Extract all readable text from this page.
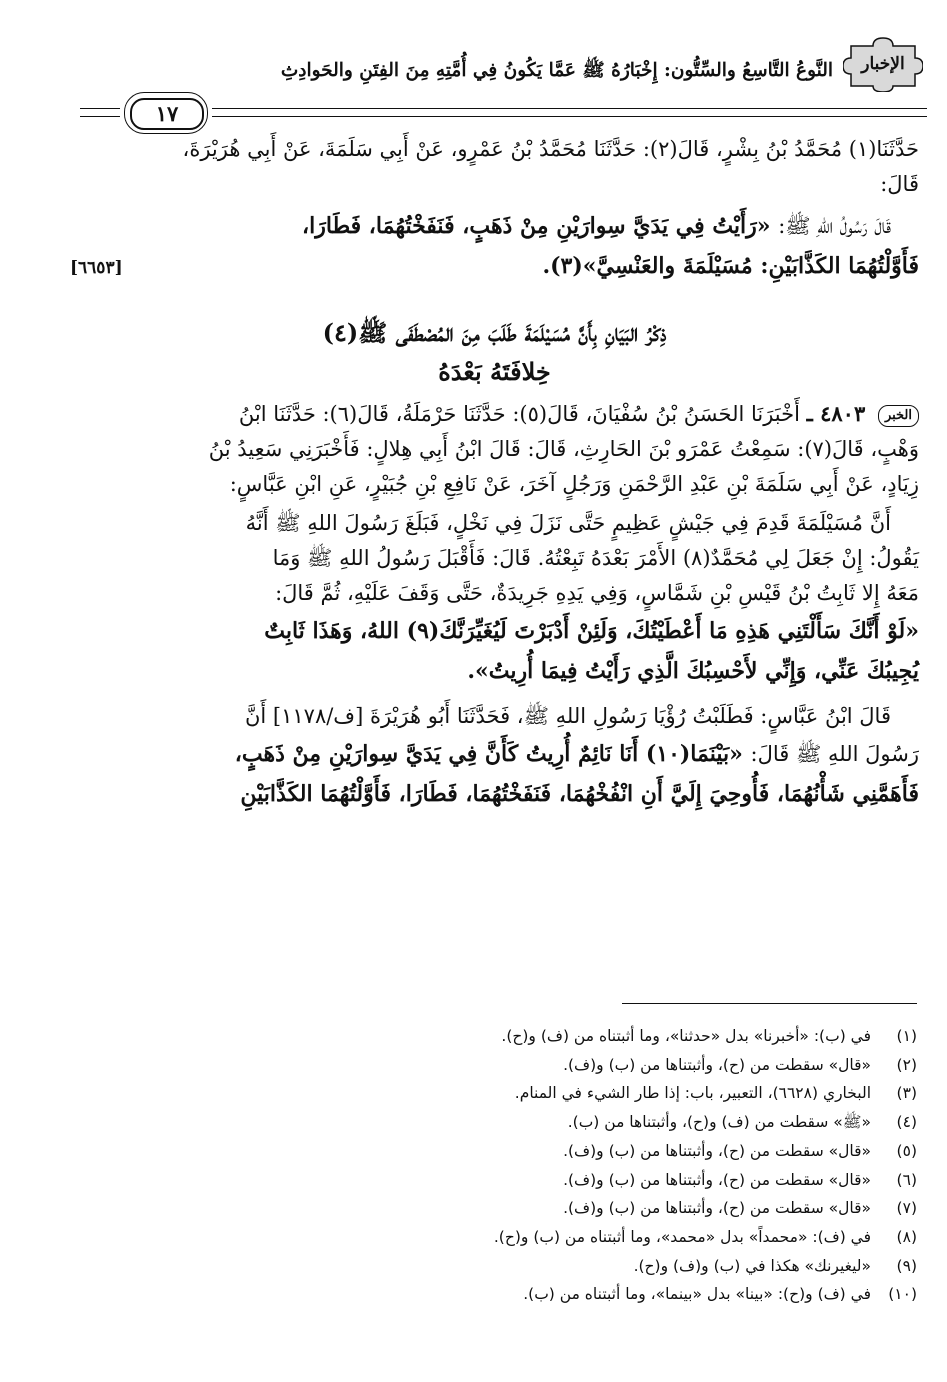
الإخبار
النَّوعُ التَّاسِعُ والسِّتُّون: إِخْبَارُهُ ﷺ عَمَّا يَكُونُ فِي أُمَّتِهِ مِنَ الفِتَنِ والحَوادِثِ
١٧
حَدَّثَنَا(١) مُحَمَّدُ بْنُ بِشْرٍ، قَالَ(٢): حَدَّثَنَا مُحَمَّدُ بْنُ عَمْرٍو، عَنْ أَبِي سَلَمَةَ، عَنْ أَبِي هُرَيْرَةَ،
قَالَ:
قَالَ رَسُولُ اللهِ ﷺ: «رَأَيْتُ فِي يَدَيَّ سِوارَيْنِ مِنْ ذَهَبٍ، فَنَفَخْتُهُمَا، فَطَارَا،
فَأَوَّلْتُهُمَا الكَذَّابَيْنِ: مُسَيْلَمَةَ والعَنْسِيَّ»(٣).
[٦٦٥٣]
ذِكْرُ البَيَانِ بِأَنَّ مُسَيْلَمَةَ طَلَبَ مِنَ المُصْطَفَى ﷺ(٤)
خِلافَتَهُ بَعْدَهُ
الخبر ٤٨٠٣ ـ أَخْبَرَنَا الحَسَنُ بْنُ سُفْيَانَ، قَالَ(٥): حَدَّثَنَا حَرْمَلَةُ، قَالَ(٦): حَدَّثَنَا ابْنُ
وَهْبٍ، قَالَ(٧): سَمِعْتُ عَمْرَو بْنَ الحَارِثِ، قَالَ: قَالَ ابْنُ أَبِي هِلالٍ: فَأَخْبَرَنِي سَعِيدُ بْنُ
زِيَادٍ، عَنْ أَبِي سَلَمَةَ بْنِ عَبْدِ الرَّحْمَنِ وَرَجُلٍ آخَرَ، عَنْ نَافِعِ بْنِ جُبَيْرٍ، عَنِ ابْنِ عَبَّاسٍ:
أَنَّ مُسَيْلَمَةَ قَدِمَ فِي جَيْشٍ عَظِيمٍ حَتَّى نَزَلَ فِي نَخْلٍ، فَبَلَغَ رَسُولَ اللهِ ﷺ أَنَّهُ
يَقُولُ: إِنْ جَعَلَ لِي مُحَمَّدٌ(٨) الأَمْرَ بَعْدَهُ تَبِعْتُهُ. قَالَ: فَأَقْبَلَ رَسُولُ اللهِ ﷺ وَمَا
مَعَهُ إِلا ثَابِتُ بْنُ قَيْسِ بْنِ شَمَّاسٍ، وَفِي يَدِهِ جَرِيدَةٌ، حَتَّى وَقَفَ عَلَيْهِ، ثُمَّ قَالَ:
«لَوْ أَنَّكَ سَأَلْتَنِي هَذِهِ مَا أَعْطَيْتُكَ، وَلَئِنْ أَدْبَرْتَ لَيُغَيِّرَنَّكَ(٩) اللهُ، وَهَذَا ثَابِتٌ
يُجِيبُكَ عَنِّي، وَإِنِّي لأَحْسِبُكَ الَّذِي رَأَيْتُ فِيمَا أُرِيتُ».
قَالَ ابْنُ عَبَّاسٍ: فَطَلَبْتُ رُؤْيَا رَسُولِ اللهِ ﷺ، فَحَدَّثَنَا أَبُو هُرَيْرَةَ [ف/١١٧٨] أَنَّ
رَسُولَ اللهِ ﷺ قَالَ: «بَيْنَمَا(١٠) أَنَا نَائِمٌ أُرِيتُ كَأَنَّ فِي يَدَيَّ سِوارَيْنِ مِنْ ذَهَبٍ،
فَأَهَمَّنِي شَأْنُهُمَا، فَأُوحِيَ إِلَيَّ أَنِ انْفُخْهُمَا، فَنَفَخْتُهُمَا، فَطَارَا، فَأَوَّلْتُهُمَا الكَذَّابَيْنِ
(١)
في (ب): «أخبرنا» بدل «حدثنا»، وما أثبتناه من (ف) و(ح).
(٢)
«قال» سقطت من (ح)، وأثبتناها من (ب) و(ف).
(٣)
البخاري (٦٦٢٨)، التعبير، باب: إذا طار الشيء في المنام.
(٤)
«ﷺ» سقطت من (ف) و(ح)، وأثبتناها من (ب).
(٥)
«قال» سقطت من (ح)، وأثبتناها من (ب) و(ف).
(٦)
«قال» سقطت من (ح)، وأثبتناها من (ب) و(ف).
(٧)
«قال» سقطت من (ح)، وأثبتناها من (ب) و(ف).
(٨)
في (ف): «محمداً» بدل «محمد»، وما أثبتناه من (ب) و(ح).
(٩)
«ليغيرنك» هكذا في (ب) و(ف) و(ح).
(١٠)
في (ف) و(ح): «بينا» بدل «بينما»، وما أثبتناه من (ب).
